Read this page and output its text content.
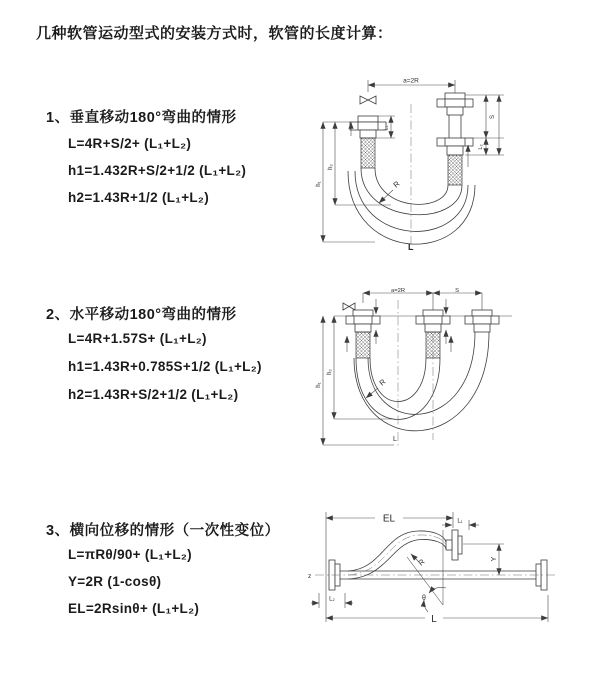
几种软管运动型式的安装方式时，软管的长度计算：
1、垂直移动180°弯曲的情形
L=4R+S/2+ (L₁+L₂)
h1=1.432R+S/2+1/2 (L₁+L₂)
h2=1.43R+1/2 (L₁+L₂)
2、水平移动180°弯曲的情形
L=4R+1.57S+ (L₁+L₂)
h1=1.43R+0.785S+1/2 (L₁+L₂)
h2=1.43R+S/2+1/2 (L₁+L₂)
3、横向位移的情形（一次性变位）
L=πRθ/90+ (L₁+L₂)
Y=2R (1-cosθ)
EL=2Rsinθ+ (L₁+L₂)
a=2R
h₁
h₂
L₁
S
L₂
R
L
a=2R	S
h₁
h₂
R
L
EL	L₁
Y
θ
R
L
L₂
z
